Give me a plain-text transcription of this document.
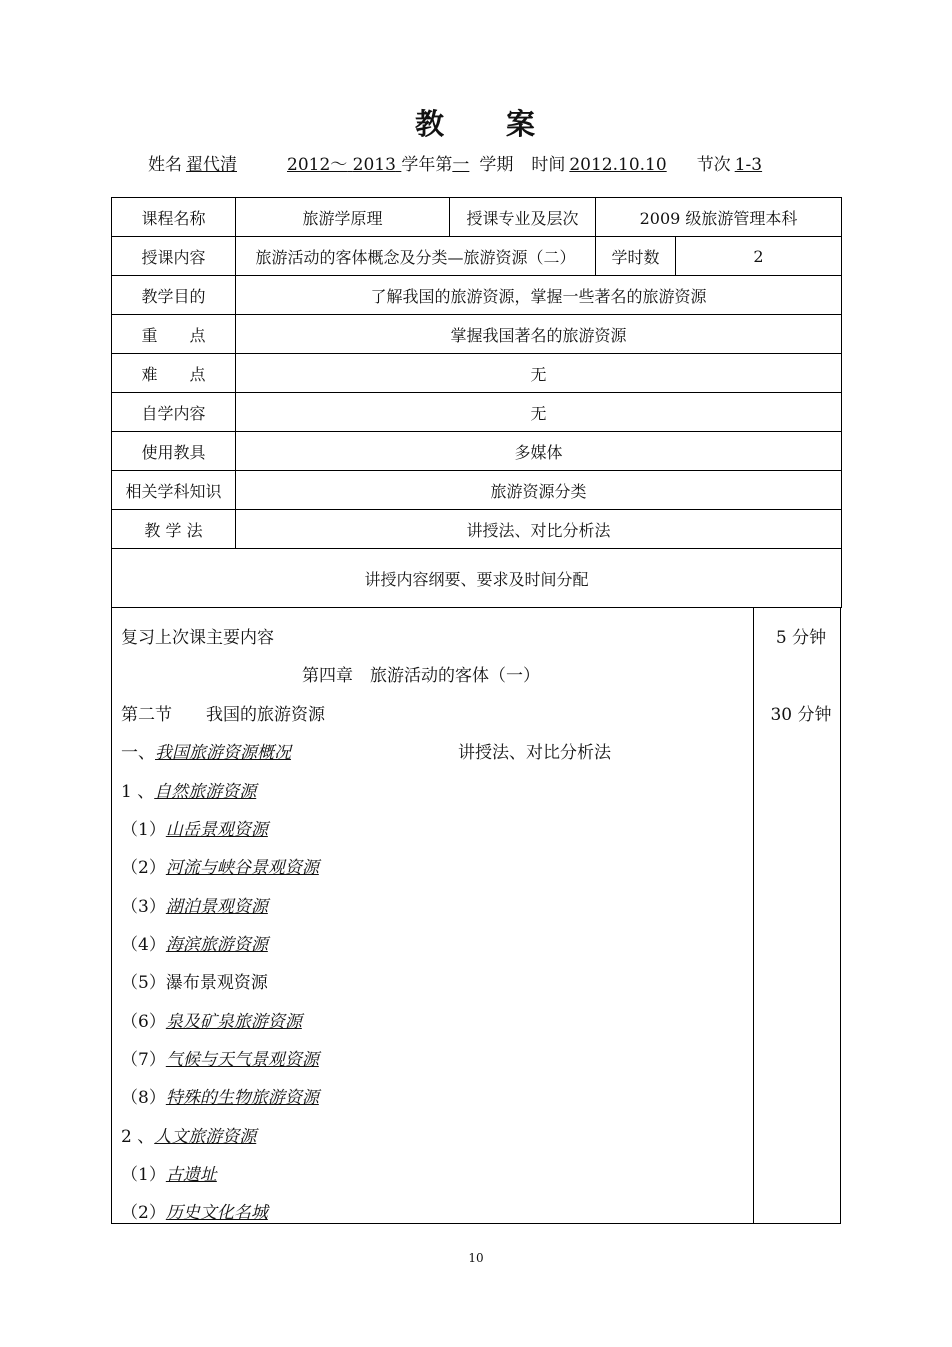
教 案
姓名 翟代清	2012～ 2013 学年第一 学期 时间 2012.10.10 节次 1-3
课程名称	旅游学原理	授课专业及层次	2009 级旅游管理本科	
授课内容	旅游活动的客体概念及分类—旅游资源（二）		学时数	2
教学目的	了解我国的旅游资源，掌握一些著名的旅游资源			
重　　点	掌握我国著名的旅游资源			
难　　点	无			
自学内容	无			
使用教具	多媒体			
相关学科知识	旅游资源分类			
教 学 法	讲授法、对比分析法			
讲授内容纲要、要求及时间分配				
复习上次课主要内容	5 分钟
第四章　旅游活动的客体（一）
第二节　　我国的旅游资源	30 分钟
一、我国旅游资源概况	讲授法、对比分析法
1 、自然旅游资源
（1）山岳景观资源
（2）河流与峡谷景观资源
（3）湖泊景观资源
（4）海滨旅游资源
（5）瀑布景观资源
（6）泉及矿泉旅游资源
（7）气候与天气景观资源
（8）特殊的生物旅游资源
2 、人文旅游资源
（1）古遗址
（2）历史文化名城
10
